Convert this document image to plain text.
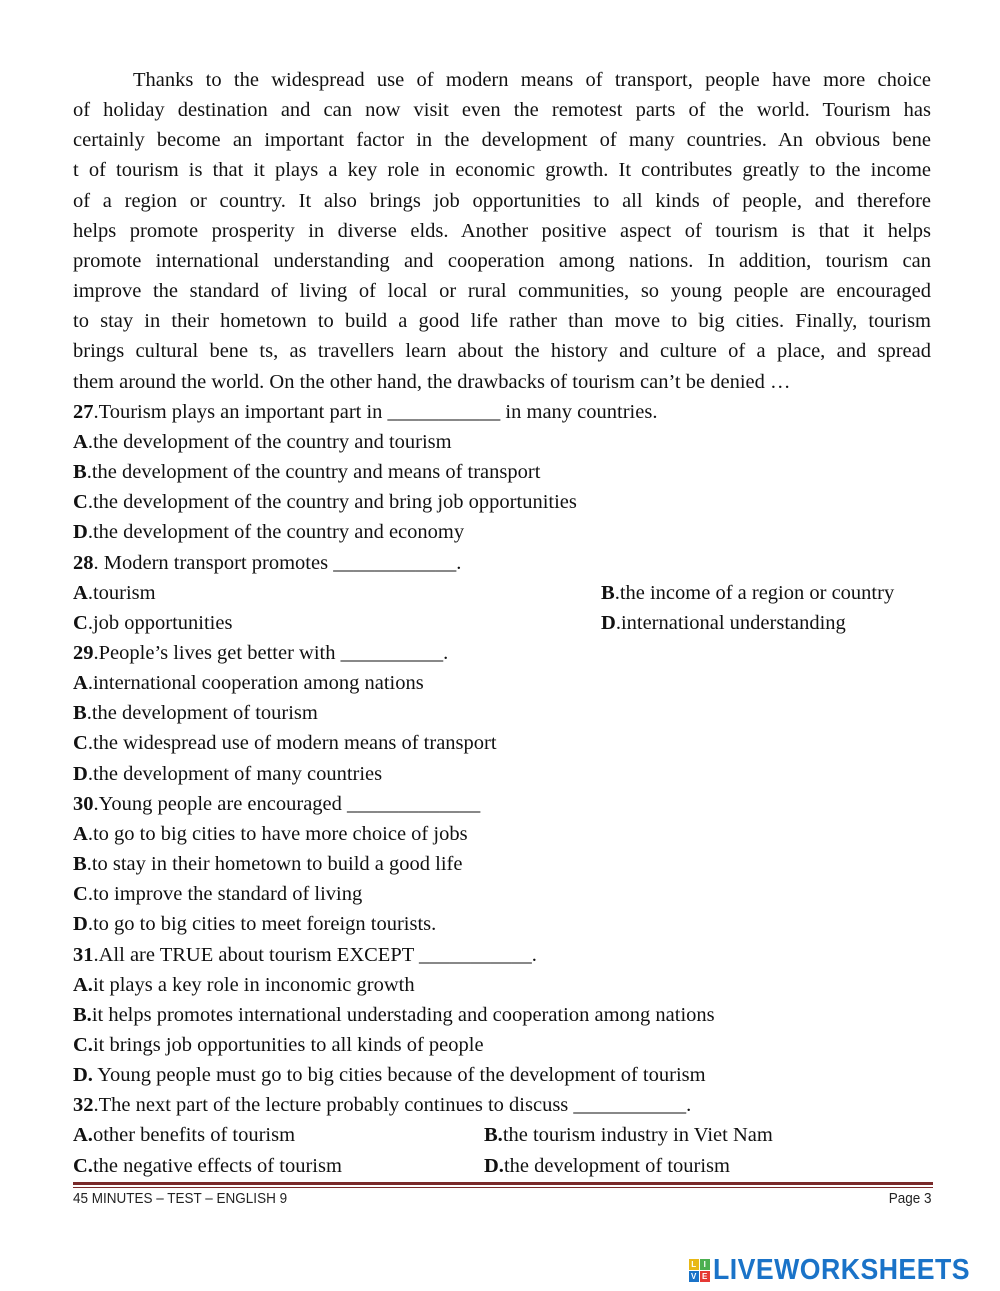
Thanks to the widespread use of modern means of transport, people have more choice
of holiday destination and can now visit even the remotest parts of the world. Tourism has
certainly become an important factor in the development of many countries. An obvious bene
t of tourism is that it plays a key role in economic growth. It contributes greatly to the income
of a region or country. It also brings job opportunities to all kinds of people, and therefore
helps promote prosperity in diverse elds. Another positive aspect of tourism is that it helps
promote international understanding and cooperation among nations. In addition, tourism can
improve the standard of living of local or rural communities, so young people are encouraged
to stay in their hometown to build a good life rather than move to big cities. Finally, tourism
brings cultural bene ts, as travellers learn about the history and culture of a place, and spread
them around the world. On the other hand, the drawbacks of tourism can’t be denied …
27.Tourism plays an important part in ___________ in many countries.
A.the development of the country and tourism
B.the development of the country and means of transport
C.the development of the country and bring job opportunities
D.the development of the country and economy
28. Modern transport promotes ____________.
A.tourism	B.the income of a region or country
C.job opportunities	D.international understanding
29.People’s lives get better with __________.
A.international cooperation among nations
B.the development of tourism
C.the widespread use of modern means of transport
D.the development of many countries
30.Young people are encouraged _____________
A.to go to big cities to have more choice of jobs
B.to stay in their hometown to build a good life
C.to improve the standard of living
D.to go to big cities to meet foreign tourists.
31.All are TRUE about tourism EXCEPT ___________.
A.it plays a key role in inconomic growth
B.it helps promotes international understading and cooperation among nations
C.it brings job opportunities to all kinds of people
D. Young people must go to big cities because of the development of tourism
32.The next part of the lecture probably continues to discuss ___________.
A.other benefits of tourism	B.the tourism industry in Viet Nam
C.the negative effects of tourism	D.the development of tourism
45 MINUTES – TEST – ENGLISH 9	Page 3
L I
V E LIVEWORKSHEETS
